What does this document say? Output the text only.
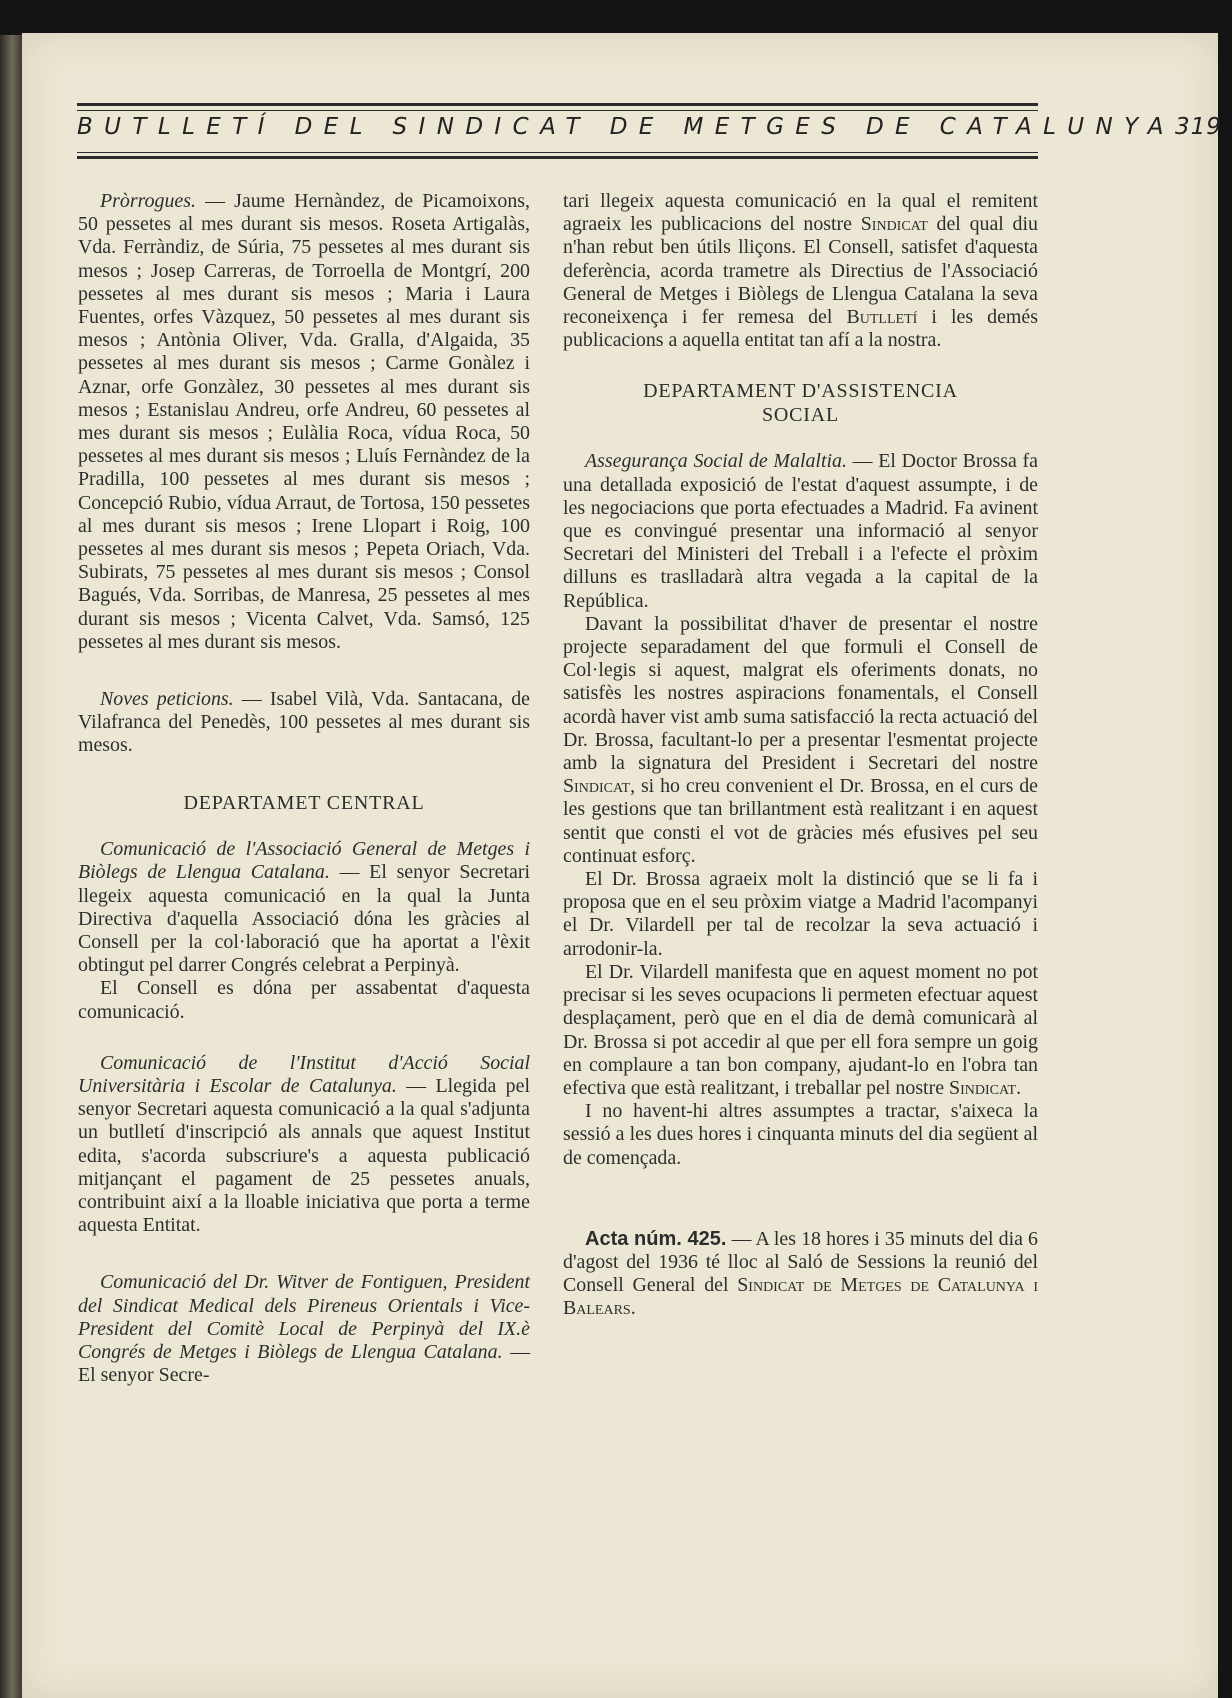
BUTLLETÍ DEL SINDICAT DE METGES DE CATALUNYA 319

Pròrrogues. — Jaume Hernàndez, de Picamoixons, 50 pessetes al mes durant sis mesos. Roseta Artigalàs, Vda. Ferràndiz, de Súria, 75 pessetes al mes durant sis mesos ; Josep Carreras, de Torroella de Montgrí, 200 pessetes al mes durant sis mesos ; Maria i Laura Fuentes, orfes Vàzquez, 50 pessetes al mes durant sis mesos ; Antònia Oliver, Vda. Gralla, d'Algaida, 35 pessetes al mes durant sis mesos ; Carme Gonàlez i Aznar, orfe Gonzàlez, 30 pessetes al mes durant sis mesos ; Estanislau Andreu, orfe Andreu, 60 pessetes al mes durant sis mesos ; Eulàlia Roca, vídua Roca, 50 pessetes al mes durant sis mesos ; Lluís Fernàndez de la Pradilla, 100 pessetes al mes durant sis mesos ; Concepció Rubio, vídua Arraut, de Tortosa, 150 pessetes al mes durant sis mesos ; Irene Llopart i Roig, 100 pessetes al mes durant sis mesos ; Pepeta Oriach, Vda. Subirats, 75 pessetes al mes durant sis mesos ; Consol Bagués, Vda. Sorribas, de Manresa, 25 pessetes al mes durant sis mesos ; Vicenta Calvet, Vda. Samsó, 125 pessetes al mes durant sis mesos.

Noves peticions. — Isabel Vilà, Vda. Santacana, de Vilafranca del Penedès, 100 pessetes al mes durant sis mesos.

DEPARTAMET CENTRAL

Comunicació de l'Associació General de Metges i Biòlegs de Llengua Catalana. — El senyor Secretari llegeix aquesta comunicació en la qual la Junta Directiva d'aquella Associació dóna les gràcies al Consell per la col·laboració que ha aportat a l'èxit obtingut pel darrer Congrés celebrat a Perpinyà.

El Consell es dóna per assabentat d'aquesta comunicació.

Comunicació de l'Institut d'Acció Social Universitària i Escolar de Catalunya. — Llegida pel senyor Secretari aquesta comunicació a la qual s'adjunta un butlletí d'inscripció als annals que aquest Institut edita, s'acorda subscriure's a aquesta publicació mitjançant el pagament de 25 pessetes anuals, contribuint així a la lloable iniciativa que porta a terme aquesta Entitat.

Comunicació del Dr. Witver de Fontiguen, President del Sindicat Medical dels Pireneus Orientals i Vice-President del Comitè Local de Perpinyà del IX.è Congrés de Metges i Biòlegs de Llengua Catalana. — El senyor Secre-

tari llegeix aquesta comunicació en la qual el remitent agraeix les publicacions del nostre Sindicat del qual diu n'han rebut ben útils lliçons. El Consell, satisfet d'aquesta deferència, acorda trametre als Directius de l'Associació General de Metges i Biòlegs de Llengua Catalana la seva reconeixença i fer remesa del Butlletí i les demés publicacions a aquella entitat tan afí a la nostra.

DEPARTAMENT D'ASSISTENCIA
SOCIAL

Assegurança Social de Malaltia. — El Doctor Brossa fa una detallada exposició de l'estat d'aquest assumpte, i de les negociacions que porta efectuades a Madrid. Fa avinent que es convingué presentar una informació al senyor Secretari del Ministeri del Treball i a l'efecte el pròxim dilluns es traslladarà altra vegada a la capital de la República.

Davant la possibilitat d'haver de presentar el nostre projecte separadament del que formuli el Consell de Col·legis si aquest, malgrat els oferiments donats, no satisfès les nostres aspiracions fonamentals, el Consell acordà haver vist amb suma satisfacció la recta actuació del Dr. Brossa, facultant-lo per a presentar l'esmentat projecte amb la signatura del President i Secretari del nostre Sindicat, si ho creu convenient el Dr. Brossa, en el curs de les gestions que tan brillantment està realitzant i en aquest sentit que consti el vot de gràcies més efusives pel seu continuat esforç.

El Dr. Brossa agraeix molt la distinció que se li fa i proposa que en el seu pròxim viatge a Madrid l'acompanyi el Dr. Vilardell per tal de recolzar la seva actuació i arrodonir-la.

El Dr. Vilardell manifesta que en aquest moment no pot precisar si les seves ocupacions li permeten efectuar aquest desplaçament, però que en el dia de demà comunicarà al Dr. Brossa si pot accedir al que per ell fora sempre un goig en complaure a tan bon company, ajudant-lo en l'obra tan efectiva que està realitzant, i treballar pel nostre Sindicat.

I no havent-hi altres assumptes a tractar, s'aixeca la sessió a les dues hores i cinquanta minuts del dia següent al de començada.

Acta núm. 425. — A les 18 hores i 35 minuts del dia 6 d'agost del 1936 té lloc al Saló de Sessions la reunió del Consell General del Sindicat de Metges de Catalunya i Balears.
